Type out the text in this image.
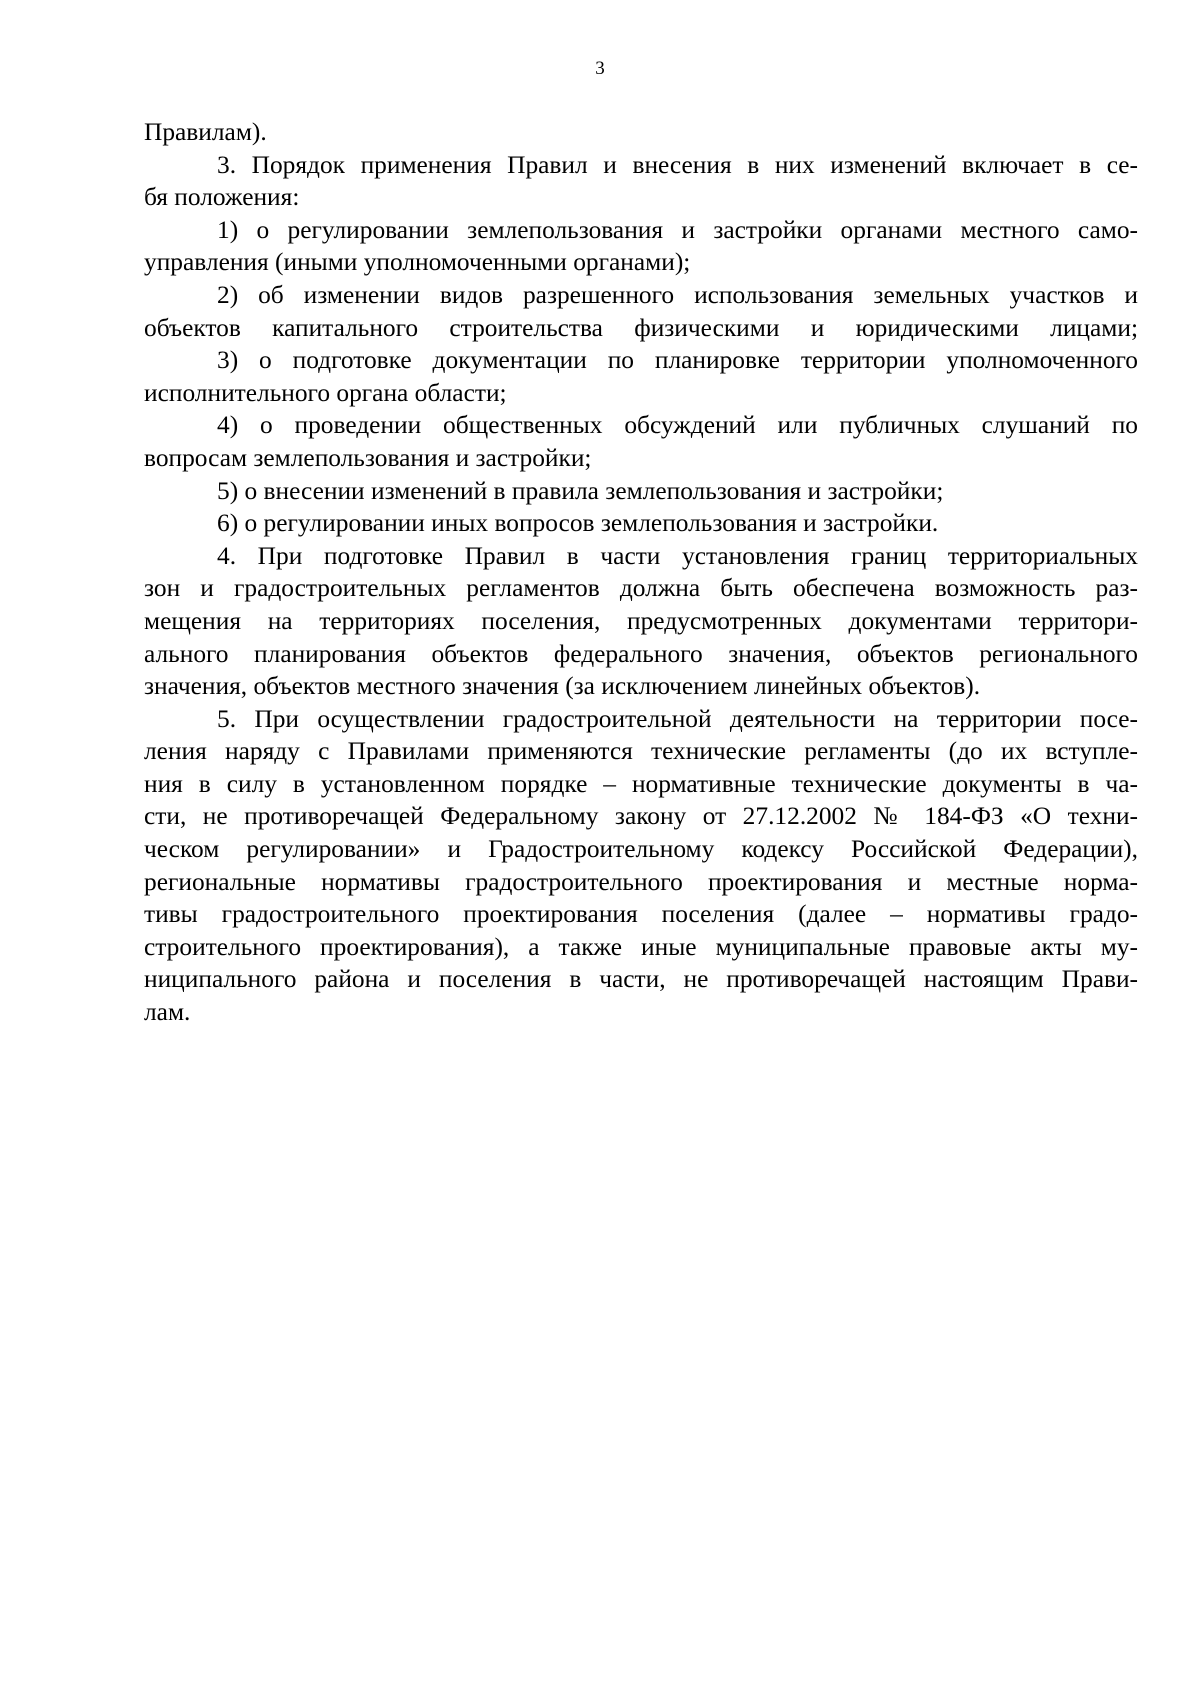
3
Правилам).
3. Порядок применения Правил и внесения в них изменений включает в се-
бя положения:
1) о регулировании землепользования и застройки органами местного само-
управления (иными уполномоченными органами);
2) об изменении видов разрешенного использования земельных участков и
объектов капитального строительства физическими и юридическими лицами;
3) о подготовке документации по планировке территории уполномоченного
исполнительного органа области;
4) о проведении общественных обсуждений или публичных слушаний по
вопросам землепользования и застройки;
5) о внесении изменений в правила землепользования и застройки;
6) о регулировании иных вопросов землепользования и застройки.
4. При подготовке Правил в части установления границ территориальных
зон и градостроительных регламентов должна быть обеспечена возможность раз-
мещения на территориях поселения, предусмотренных документами территори-
ального планирования объектов федерального значения, объектов регионального
значения, объектов местного значения (за исключением линейных объектов).
5. При осуществлении градостроительной деятельности на территории посе-
ления наряду с Правилами применяются технические регламенты (до их вступле-
ния в силу в установленном порядке – нормативные технические документы в ча-
сти, не противоречащей Федеральному закону от 27.12.2002 № 184-ФЗ «О техни-
ческом регулировании» и Градостроительному кодексу Российской Федерации),
региональные нормативы градостроительного проектирования и местные норма-
тивы градостроительного проектирования поселения (далее – нормативы градо-
строительного проектирования), а также иные муниципальные правовые акты му-
ниципального района и поселения в части, не противоречащей настоящим Прави-
лам.
